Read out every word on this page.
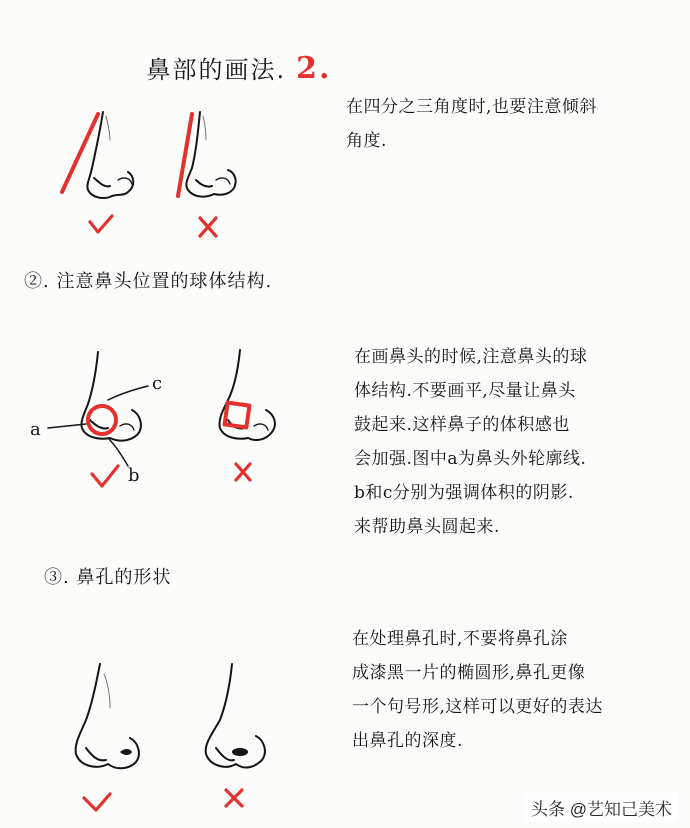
鼻部的画法. 2.

a
c
b
在四分之三角度时,也要注意倾斜
角度.
②. 注意鼻头位置的球体结构.
在画鼻头的时候,注意鼻头的球
体结构.不要画平,尽量让鼻头
鼓起来.这样鼻子的体积感也
会加强.图中a为鼻头外轮廓线.
b和c分别为强调体积的阴影.
来帮助鼻头圆起来.
③. 鼻孔的形状
在处理鼻孔时,不要将鼻孔涂
成漆黑一片的椭圆形,鼻孔更像
一个句号形,这样可以更好的表达
出鼻孔的深度.
头条 @艺知己美术
